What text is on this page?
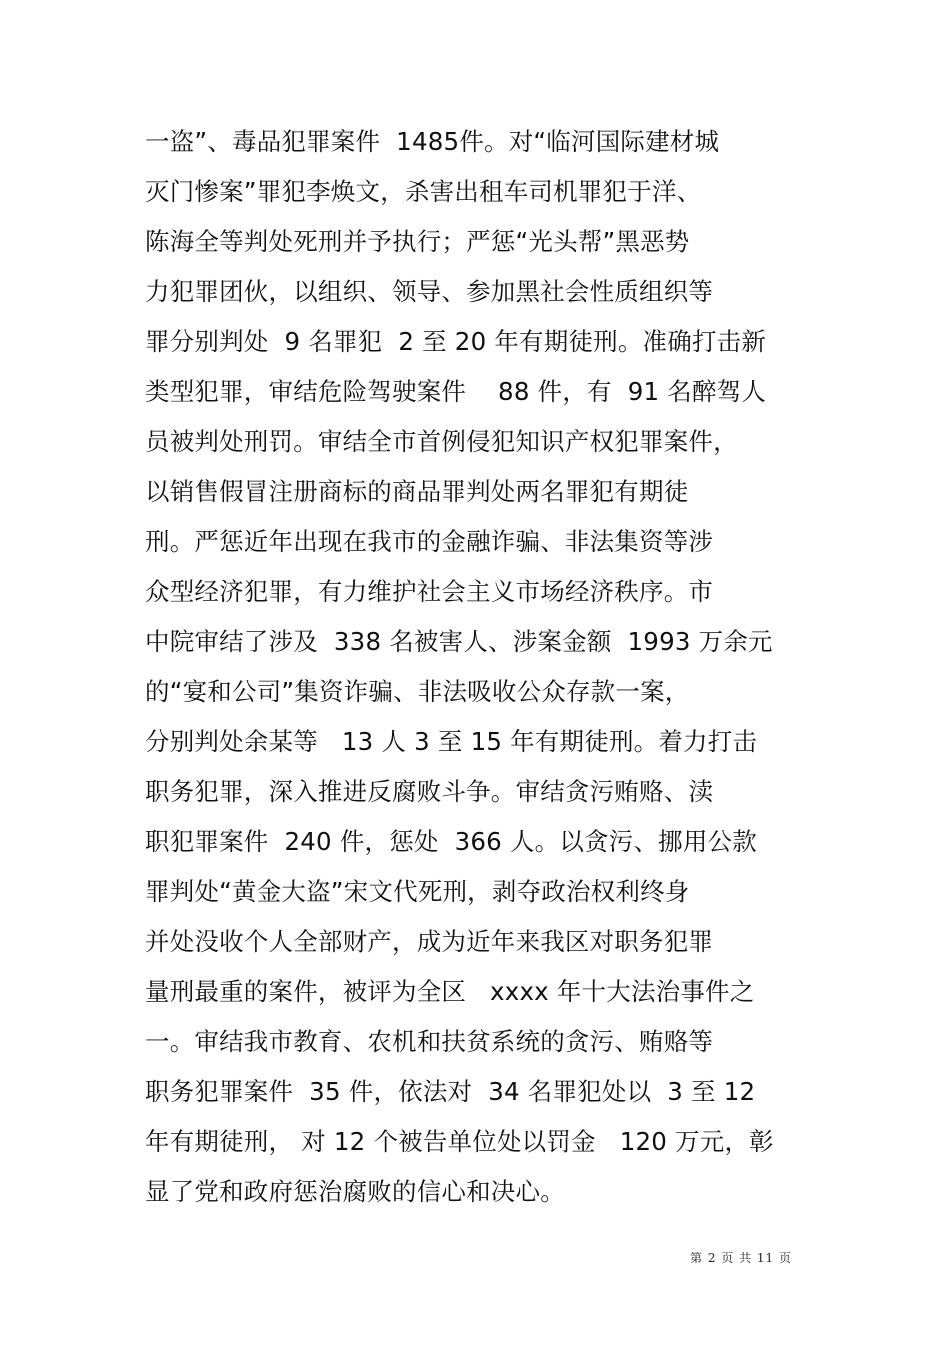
一盗”、毒品犯罪案件  1485件。对“临河国际建材城
灭门惨案”罪犯李焕文，杀害出租车司机罪犯于洋、
陈海全等判处死刑并予执行；严惩“光头帮”黑恶势
力犯罪团伙，以组织、领导、参加黑社会性质组织等
罪分别判处  9 名罪犯  2 至 20 年有期徒刑。准确打击新
类型犯罪，审结危险驾驶案件    88 件，有  91 名醉驾人
员被判处刑罚。审结全市首例侵犯知识产权犯罪案件，
以销售假冒注册商标的商品罪判处两名罪犯有期徒
刑。严惩近年出现在我市的金融诈骗、非法集资等涉
众型经济犯罪，有力维护社会主义市场经济秩序。市
中院审结了涉及  338 名被害人、涉案金额  1993 万余元
的“宴和公司”集资诈骗、非法吸收公众存款一案，
分别判处余某等   13 人 3 至 15 年有期徒刑。着力打击
职务犯罪，深入推进反腐败斗争。审结贪污贿赂、渎
职犯罪案件  240 件，惩处  366 人。以贪污、挪用公款
罪判处“黄金大盗”宋文代死刑，剥夺政治权利终身
并处没收个人全部财产，成为近年来我区对职务犯罪
量刑最重的案件，被评为全区   xxxx 年十大法治事件之
一。审结我市教育、农机和扶贫系统的贪污、贿赂等
职务犯罪案件  35 件，依法对  34 名罪犯处以  3 至 12
年有期徒刑， 对 12 个被告单位处以罚金   120 万元，彰
显了党和政府惩治腐败的信心和决心。
第 2 页 共 11 页
